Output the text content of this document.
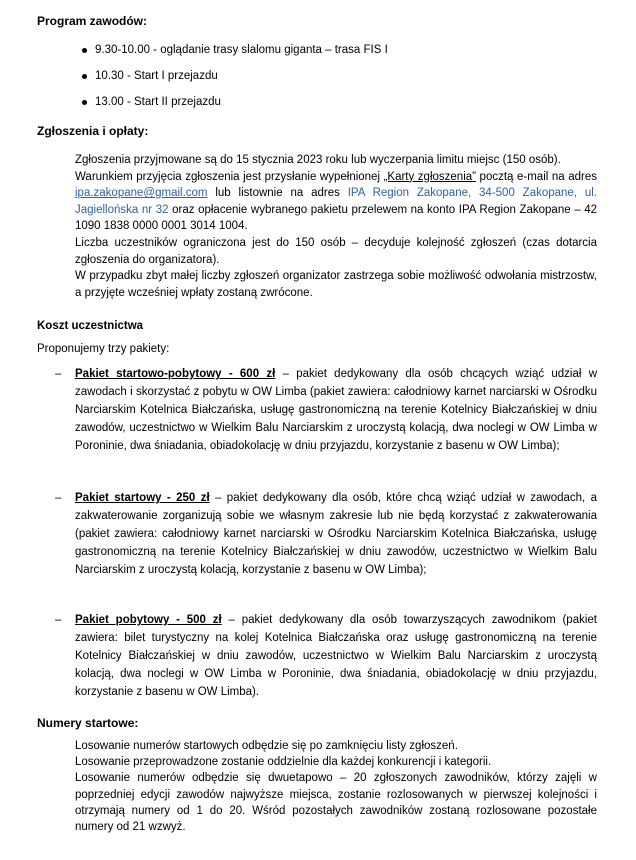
Program zawodów:
9.30-10.00 - oglądanie trasy slalomu giganta – trasa FIS I
10.30 - Start I przejazdu
13.00 - Start II przejazdu
Zgłoszenia i opłaty:

Zgłoszenia przyjmowane są do 15 stycznia 2023 roku lub wyczerpania limitu miejsc (150 osób).

Warunkiem przyjęcia zgłoszenia jest przysłanie wypełnionej „Karty zgłoszenia” pocztą e-mail na adres ipa.zakopane@gmail.com lub listownie na adres IPA Region Zakopane, 34-500 Zakopane, ul. Jagiellońska nr 32 oraz opłacenie wybranego pakietu przelewem na konto IPA Region Zakopane – 42 1090 1838 0000 0001 3014 1004.

Liczba uczestników ograniczona jest do 150 osób – decyduje kolejność zgłoszeń (czas dotarcia zgłoszenia do organizatora).

W przypadku zbyt małej liczby zgłoszeń organizator zastrzega sobie możliwość odwołania mistrzostw, a przyjęte wcześniej wpłaty zostaną zwrócone.

Koszt uczestnictwa

Proponujemy trzy pakiety:

– Pakiet startowo-pobytowy - 600 zł – pakiet dedykowany dla osób chcących wziąć udział w zawodach i skorzystać z pobytu w OW Limba (pakiet zawiera: całodniowy karnet narciarski w Ośrodku Narciarskim Kotelnica Białczańska, usługę gastronomiczną na terenie Kotelnicy Białczańskiej w dniu zawodów, uczestnictwo w Wielkim Balu Narciarskim z uroczystą kolacją, dwa noclegi w OW Limba w Poroninie, dwa śniadania, obiadokolację w dniu przyjazdu, korzystanie z basenu w OW Limba);
– Pakiet startowy - 250 zł – pakiet dedykowany dla osób, które chcą wziąć udział w zawodach, a zakwaterowanie zorganizują sobie we własnym zakresie lub nie będą korzystać z zakwaterowania (pakiet zawiera: całodniowy karnet narciarski w Ośrodku Narciarskim Kotelnica Białczańska, usługę gastronomiczną na terenie Kotelnicy Białczańskiej w dniu zawodów, uczestnictwo w Wielkim Balu Narciarskim z uroczystą kolacją, korzystanie z basenu w OW Limba);
– Pakiet pobytowy - 500 zł – pakiet dedykowany dla osób towarzyszących zawodnikom (pakiet zawiera: bilet turystyczny na kolej Kotelnica Białczańska oraz usługę gastronomiczną na terenie Kotelnicy Białczańskiej w dniu zawodów, uczestnictwo w Wielkim Balu Narciarskim z uroczystą kolacją, dwa noclegi w OW Limba w Poroninie, dwa śniadania, obiadokolację w dniu przyjazdu, korzystanie z basenu w OW Limba).
Numery startowe:

Losowanie numerów startowych odbędzie się po zamknięciu listy zgłoszeń.

Losowanie przeprowadzone zostanie oddzielnie dla każdej konkurencji i kategorii.

Losowanie numerów odbędzie się dwuetapowo – 20 zgłoszonych zawodników, którzy zajęli w poprzedniej edycji zawodów najwyższe miejsca, zostanie rozlosowanych w pierwszej kolejności i otrzymają numery od 1 do 20. Wśród pozostałych zawodników zostaną rozlosowane pozostałe numery od 21 wzwyż.
